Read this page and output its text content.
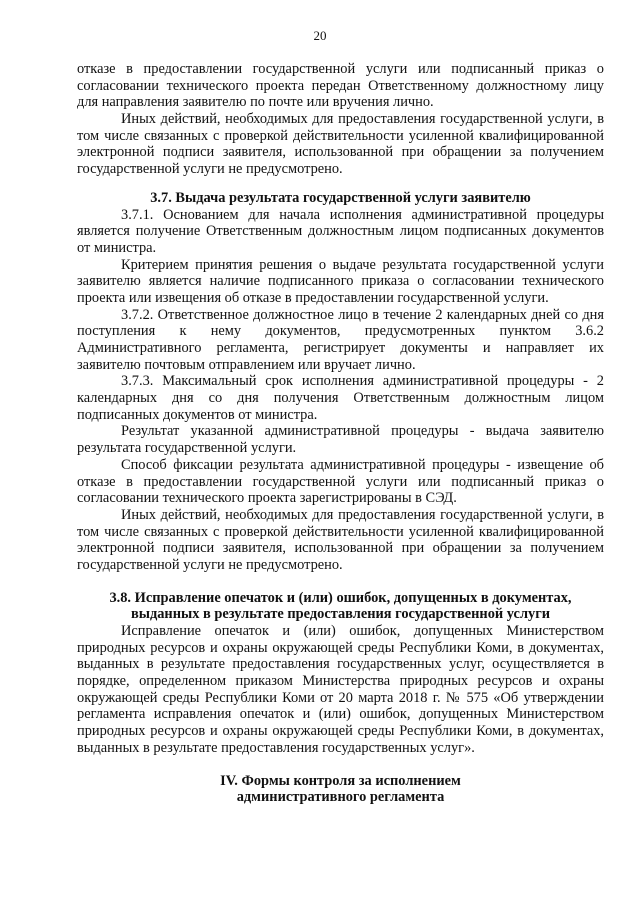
20
отказе в предоставлении государственной услуги или подписанный приказ о
согласовании технического проекта передан Ответственному должностному лицу
для направления заявителю по почте или вручения лично.
Иных действий, необходимых для предоставления государственной услуги, в
том числе связанных с проверкой действительности усиленной квалифицированной
электронной подписи заявителя, использованной при обращении за получением
государственной услуги не предусмотрено.
3.7. Выдача результата государственной услуги заявителю
3.7.1. Основанием для начала исполнения административной процедуры
является получение Ответственным должностным лицом подписанных документов
от министра.
Критерием принятия решения о выдаче результата государственной услуги
заявителю является наличие подписанного приказа о согласовании технического
проекта или извещения об отказе в предоставлении государственной услуги.
3.7.2. Ответственное должностное лицо в течение 2 календарных дней со дня
поступления к нему документов, предусмотренных пунктом 3.6.2
Административного регламента, регистрирует документы и направляет их
заявителю почтовым отправлением или вручает лично.
3.7.3. Максимальный срок исполнения административной процедуры - 2
календарных дня со дня получения Ответственным должностным лицом
подписанных документов от министра.
Результат указанной административной процедуры - выдача заявителю
результата государственной услуги.
Способ фиксации результата административной процедуры - извещение об
отказе в предоставлении государственной услуги или подписанный приказ о
согласовании технического проекта зарегистрированы в СЭД.
Иных действий, необходимых для предоставления государственной услуги, в
том числе связанных с проверкой действительности усиленной квалифицированной
электронной подписи заявителя, использованной при обращении за получением
государственной услуги не предусмотрено.
3.8. Исправление опечаток и (или) ошибок, допущенных в документах,
выданных в результате предоставления государственной услуги
Исправление опечаток и (или) ошибок, допущенных Министерством
природных ресурсов и охраны окружающей среды Республики Коми, в документах,
выданных в результате предоставления государственных услуг, осуществляется в
порядке, определенном приказом Министерства природных ресурсов и охраны
окружающей среды Республики Коми от 20 марта 2018 г. № 575 «Об утверждении
регламента исправления опечаток и (или) ошибок, допущенных Министерством
природных ресурсов и охраны окружающей среды Республики Коми, в документах,
выданных в результате предоставления государственных услуг».
IV. Формы контроля за исполнением
административного регламента
